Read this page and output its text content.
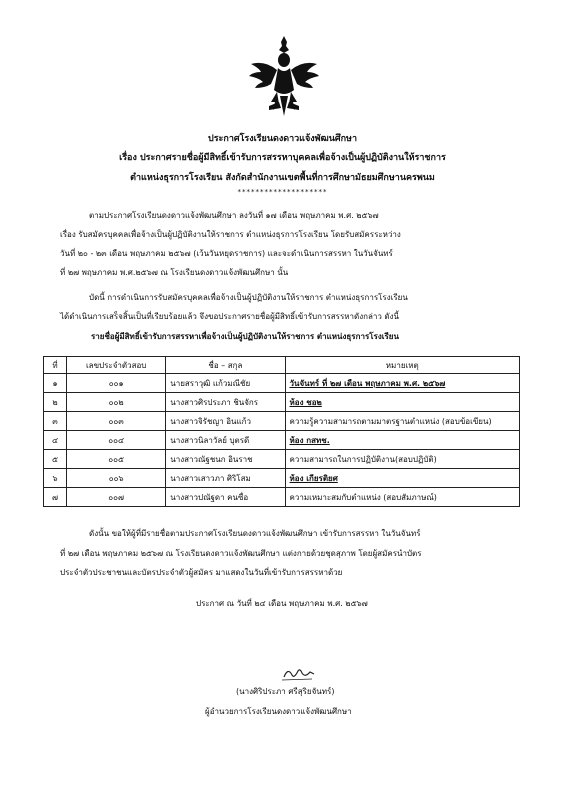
ประกาศโรงเรียนดงดาวแจ้งพัฒนศึกษา
เรื่อง ประกาศรายชื่อผู้มีสิทธิ์เข้ารับการสรรหาบุคคลเพื่อจ้างเป็นผู้ปฏิบัติงานให้ราชการ
ตำแหน่งธุรการโรงเรียน สังกัดสำนักงานเขตพื้นที่การศึกษามัธยมศึกษานครพนม
********************
ตามประกาศโรงเรียนดงดาวแจ้งพัฒนศึกษา ลงวันที่ ๑๗ เดือน พฤษภาคม พ.ศ. ๒๕๖๗
เรื่อง รับสมัครบุคคลเพื่อจ้างเป็นผู้ปฏิบัติงานให้ราชการ ตำแหน่งธุรการโรงเรียน โดยรับสมัครระหว่าง
วันที่ ๒๐ - ๒๓ เดือน พฤษภาคม ๒๕๖๗ (เว้นวันหยุดราชการ) และจะดำเนินการสรรหา ในวันจันทร์
ที่ ๒๗ พฤษภาคม พ.ศ.๒๕๖๗ ณ โรงเรียนดงดาวแจ้งพัฒนศึกษา นั้น
บัดนี้ การดำเนินการรับสมัครบุคคลเพื่อจ้างเป็นผู้ปฏิบัติงานให้ราชการ ตำแหน่งธุรการโรงเรียน
ได้ดำเนินการเสร็จสิ้นเป็นที่เรียบร้อยแล้ว จึงขอประกาศรายชื่อผู้มีสิทธิ์เข้ารับการสรรหาดังกล่าว ดังนี้
รายชื่อผู้มีสิทธิ์เข้ารับการสรรหาเพื่อจ้างเป็นผู้ปฏิบัติงานให้ราชการ ตำแหน่งธุรการโรงเรียน
ที่	เลขประจำตัวสอบ	ชื่อ – สกุล	หมายเหตุ
๑	๐๐๑	นายสราวุฒิ แก้วมณีชัย	วันจันทร์ ที่ ๒๗ เดือน พฤษภาคม พ.ศ. ๒๕๖๗
๒	๐๐๒	นางสาวศิรประภา ชินจักร	ห้อง ชอ๒
๓	๐๐๓	นางสาวจิรัชญา อินแก้ว	ความรู้ความสามารถตามมาตรฐานตำแหน่ง (สอบข้อเขียน)
๔	๐๐๔	นางสาวนิลาวัลย์ บุตรดี	ห้อง กสทช.
๕	๐๐๕	นางสาวณัฐชนก อินราช	ความสามารถในการปฏิบัติงาน(สอบปฏิบัติ)
๖	๐๐๖	นางสาวเสาวภา ศิริโสม	ห้อง เกียรติยศ
๗	๐๐๗	นางสาวปณัฐดา คนซื่อ	ความเหมาะสมกับตำแหน่ง (สอบสัมภาษณ์)
ดังนั้น ขอให้ผู้ที่มีรายชื่อตามประกาศโรงเรียนดงดาวแจ้งพัฒนศึกษา เข้ารับการสรรหา ในวันจันทร์
ที่ ๒๗ เดือน พฤษภาคม ๒๕๖๗ ณ โรงเรียนดงดาวแจ้งพัฒนศึกษา แต่งกายด้วยชุดสุภาพ โดยผู้สมัครนำบัตร
ประจำตัวประชาชนและบัตรประจำตัวผู้สมัคร มาแสดงในวันที่เข้ารับการสรรหาด้วย
ประกาศ ณ วันที่ ๒๔ เดือน พฤษภาคม พ.ศ. ๒๕๖๗
(นางศิริประภา ศรีสุริยจันทร์)
ผู้อำนวยการโรงเรียนดงดาวแจ้งพัฒนศึกษา
